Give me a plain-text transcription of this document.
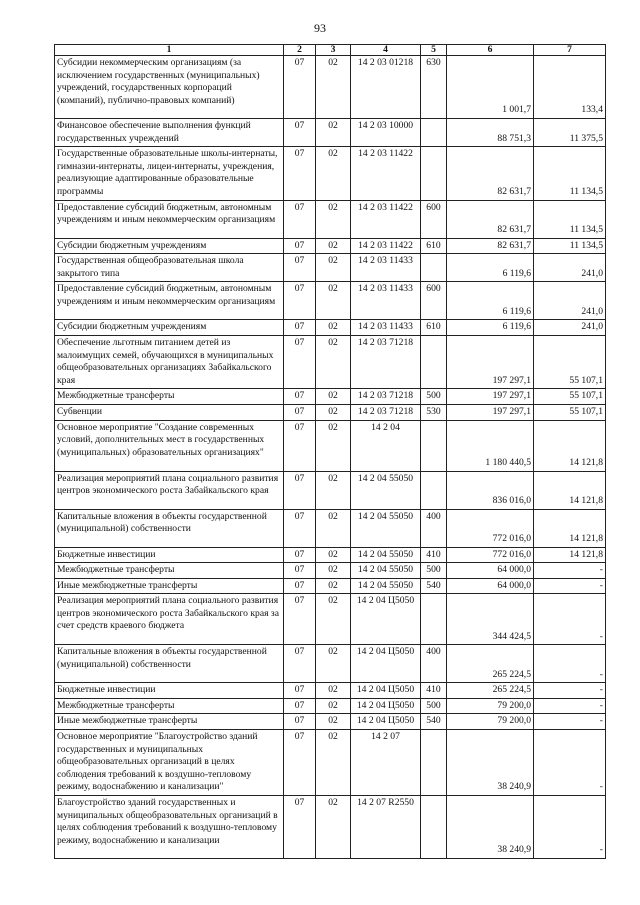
93
1	2	3	4	5	6	7
Субсидии некоммерческим организациям (за исключением государственных (муниципальных) учреждений, государственных корпораций (компаний), публично-правовых компаний)	07	02	14 2 03 01218	630	1 001,7	133,4
Финансовое обеспечение выполнения функций государственных учреждений	07	02	14 2 03 10000		88 751,3	11 375,5
Государственные образовательные школы-интернаты, гимназии-интернаты, лицеи-интернаты, учреждения, реализующие адаптированные образовательные программы	07	02	14 2 03 11422		82 631,7	11 134,5
Предоставление субсидий бюджетным, автономным учреждениям и иным некоммерческим организациям	07	02	14 2 03 11422	600	82 631,7	11 134,5
Субсидии бюджетным учреждениям	07	02	14 2 03 11422	610	82 631,7	11 134,5
Государственная общеобразовательная школа закрытого типа	07	02	14 2 03 11433		6 119,6	241,0
Предоставление субсидий бюджетным, автономным учреждениям и иным некоммерческим организациям	07	02	14 2 03 11433	600	6 119,6	241,0
Субсидии бюджетным учреждениям	07	02	14 2 03 11433	610	6 119,6	241,0
Обеспечение льготным питанием детей из малоимущих семей, обучающихся в муниципальных общеобразовательных организациях Забайкальского края	07	02	14 2 03 71218		197 297,1	55 107,1
Межбюджетные трансферты	07	02	14 2 03 71218	500	197 297,1	55 107,1
Субвенции	07	02	14 2 03 71218	530	197 297,1	55 107,1
Основное мероприятие "Создание современных условий, дополнительных мест в государственных (муниципальных) образовательных организациях"	07	02	14 2 04		1 180 440,5	14 121,8
Реализация мероприятий плана социального развития центров экономического роста Забайкальского края	07	02	14 2 04 55050		836 016,0	14 121,8
Капитальные вложения в объекты государственной (муниципальной) собственности	07	02	14 2 04 55050	400	772 016,0	14 121,8
Бюджетные инвестиции	07	02	14 2 04 55050	410	772 016,0	14 121,8
Межбюджетные трансферты	07	02	14 2 04 55050	500	64 000,0	-
Иные межбюджетные трансферты	07	02	14 2 04 55050	540	64 000,0	-
Реализация мероприятий плана социального развития центров экономического роста Забайкальского края за счет средств краевого бюджета	07	02	14 2 04 Ц5050		344 424,5	-
Капитальные вложения в объекты государственной (муниципальной) собственности	07	02	14 2 04 Ц5050	400	265 224,5	-
Бюджетные инвестиции	07	02	14 2 04 Ц5050	410	265 224,5	-
Межбюджетные трансферты	07	02	14 2 04 Ц5050	500	79 200,0	-
Иные межбюджетные трансферты	07	02	14 2 04 Ц5050	540	79 200,0	-
Основное мероприятие "Благоустройство зданий государственных и муниципальных общеобразовательных организаций в целях соблюдения требований к воздушно-тепловому режиму, водоснабжению и канализации"	07	02	14 2 07		38 240,9	-
Благоустройство зданий государственных и муниципальных общеобразовательных организаций в целях соблюдения требований к воздушно-тепловому режиму, водоснабжению и канализации	07	02	14 2 07 R2550		38 240,9	-
